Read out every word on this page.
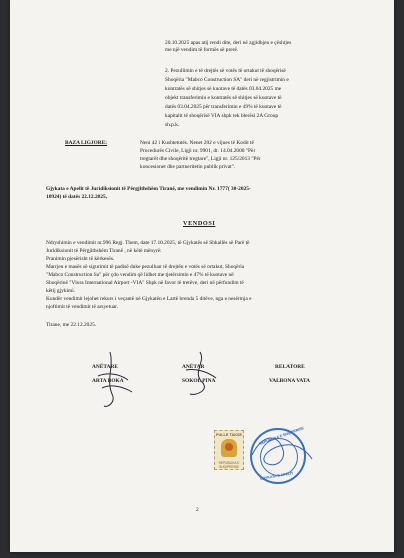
20.10.2025 apas atij rendi dite, deri në zgjidhjen e çështjes
me një vendim të formës së prerë.
2. Pezullimin e të drejtës së votës të ortakut të shoqërisë
Shoqëria "Mabco Construction SA" deri në regjistrimin e
kontratës së shitjes së kuotave të datës 03.04.2025 me
objekt transferimin e kontratës së shitjes së kuotave të
datës 03.04.2025 për transferimin e 49% të kuotave të
kapitalit të shoqërisë VIA shpk tek blerësi 2A Group
sh.p.k.
BAZA LIGJORE:	Neni 42 i Kushtetutës. Nenet 202 e vijues të Kodit të
Procedurës Civile, Ligji nr. 9901, dt. 14.04.2008 "Për
tregtarët dhe shoqëritë tregtare", Ligji nr. 125/2013 "Për
koncesionet dhe partneritetin publik privat".
Gjykata e Apelit të Juridiksionit të Përgjithshëm Tiranë, me vendimin Nr. 1777( 30-2025-
10924) të datës 22.12.2025,
VENDOSI
Ndryshimin e vendimit nr.996 Regj. Them, date 17.10.2025, të Gjykatës së Shkallës së Parë të
Juridiksionit të Përgjithshëm Tiranë , në këtë mënyrë:
Pranimin pjesërisht të kërkesës.
Marrjen e masës së sigurimit të padisë duke pezulluar të drejtën e votës së ortakut, Shoqëria
"Mabco Construction Sa" për çdo vendim që lidhet me tjetërsimin e 47% të kuotave në
Shoqërinë "Vlora International Airport -VIA" Shpk në favor të tretëve, deri në përfundim të
këtij gjykimi.
Kundër vendimit lejohet rekurs i veçantë në Gjykatën e Lartë brenda 5 ditëve, nga e nesërmja e
njoftimit të vendimit të arsyetuar.
Tirane, me 22.12.2025.
ANËTARE
ARTA BOKA
ANËTAR
SOKOL PINA
RELATORE
VALBONA VATA
PULLE TAKSE
REPUBLIKA E SHQIPERISE
REPUBLIKA E SHQIPERISE
GJYKATA E APELIT
2
